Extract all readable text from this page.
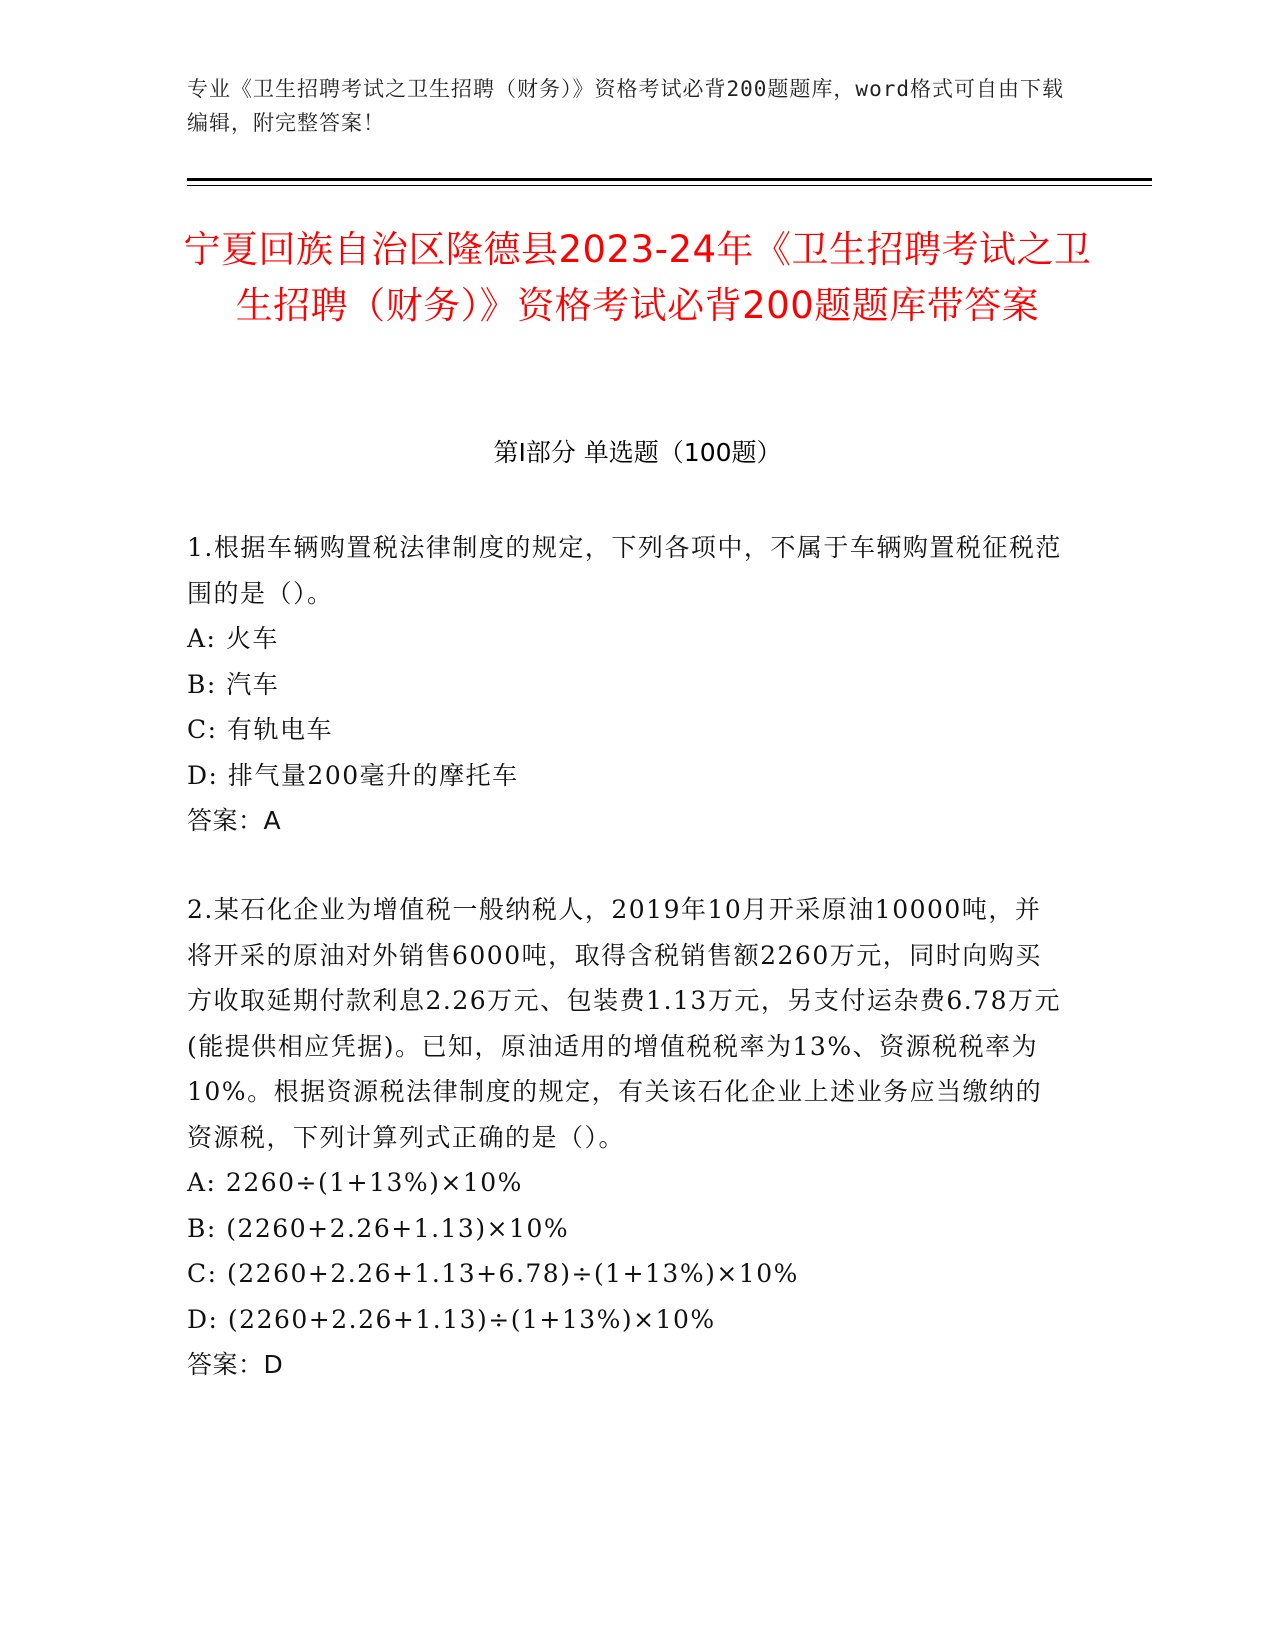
专业《卫生招聘考试之卫生招聘（财务）》资格考试必背200题题库，word格式可自由下载编辑，附完整答案！
宁夏回族自治区隆德县2023-24年《卫生招聘考试之卫生招聘（财务）》资格考试必背200题题库带答案
第Ⅰ部分 单选题（100题）
1.根据车辆购置税法律制度的规定，下列各项中，不属于车辆购置税征税范围的是（）。
A: 火车
B: 汽车
C: 有轨电车
D: 排气量200毫升的摩托车
答案：A
2.某石化企业为增值税一般纳税人，2019年10月开采原油10000吨，并将开采的原油对外销售6000吨，取得含税销售额2260万元，同时向购买方收取延期付款利息2.26万元、包装费1.13万元，另支付运杂费6.78万元(能提供相应凭据)。已知，原油适用的增值税税率为13%、资源税税率为10%。根据资源税法律制度的规定，有关该石化企业上述业务应当缴纳的资源税，下列计算列式正确的是（）。
A: 2260÷(1+13%)×10%
B: (2260+2.26+1.13)×10%
C: (2260+2.26+1.13+6.78)÷(1+13%)×10%
D: (2260+2.26+1.13)÷(1+13%)×10%
答案：D
